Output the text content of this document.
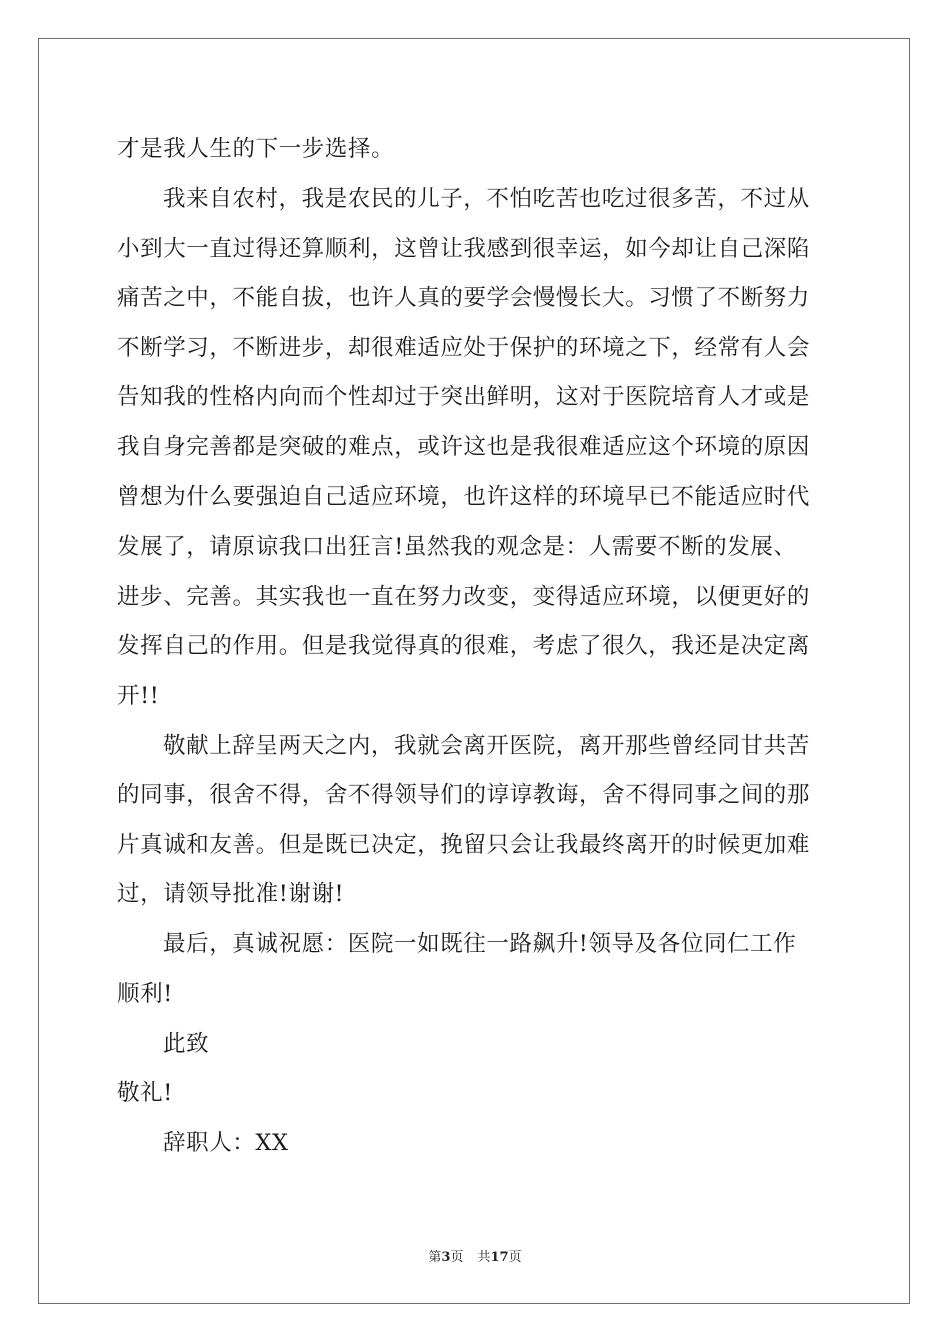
才是我人生的下一步选择。
我来自农村，我是农民的儿子，不怕吃苦也吃过很多苦，不过从
小到大一直过得还算顺利，这曾让我感到很幸运，如今却让自己深陷
痛苦之中，不能自拔，也许人真的要学会慢慢长大。习惯了不断努力
不断学习，不断进步，却很难适应处于保护的环境之下，经常有人会
告知我的性格内向而个性却过于突出鲜明，这对于医院培育人才或是
我自身完善都是突破的难点，或许这也是我很难适应这个环境的原因
曾想为什么要强迫自己适应环境，也许这样的环境早已不能适应时代
发展了，请原谅我口出狂言!虽然我的观念是：人需要不断的发展、
进步、完善。其实我也一直在努力改变，变得适应环境，以便更好的
发挥自己的作用。但是我觉得真的很难，考虑了很久，我还是决定离
开!!
敬献上辞呈两天之内，我就会离开医院，离开那些曾经同甘共苦
的同事，很舍不得，舍不得领导们的谆谆教诲，舍不得同事之间的那
片真诚和友善。但是既已决定，挽留只会让我最终离开的时候更加难
过，请领导批准!谢谢!
最后，真诚祝愿：医院一如既往一路飙升!领导及各位同仁工作
顺利!
此致
敬礼!
辞职人：XX
第3页 共17页
